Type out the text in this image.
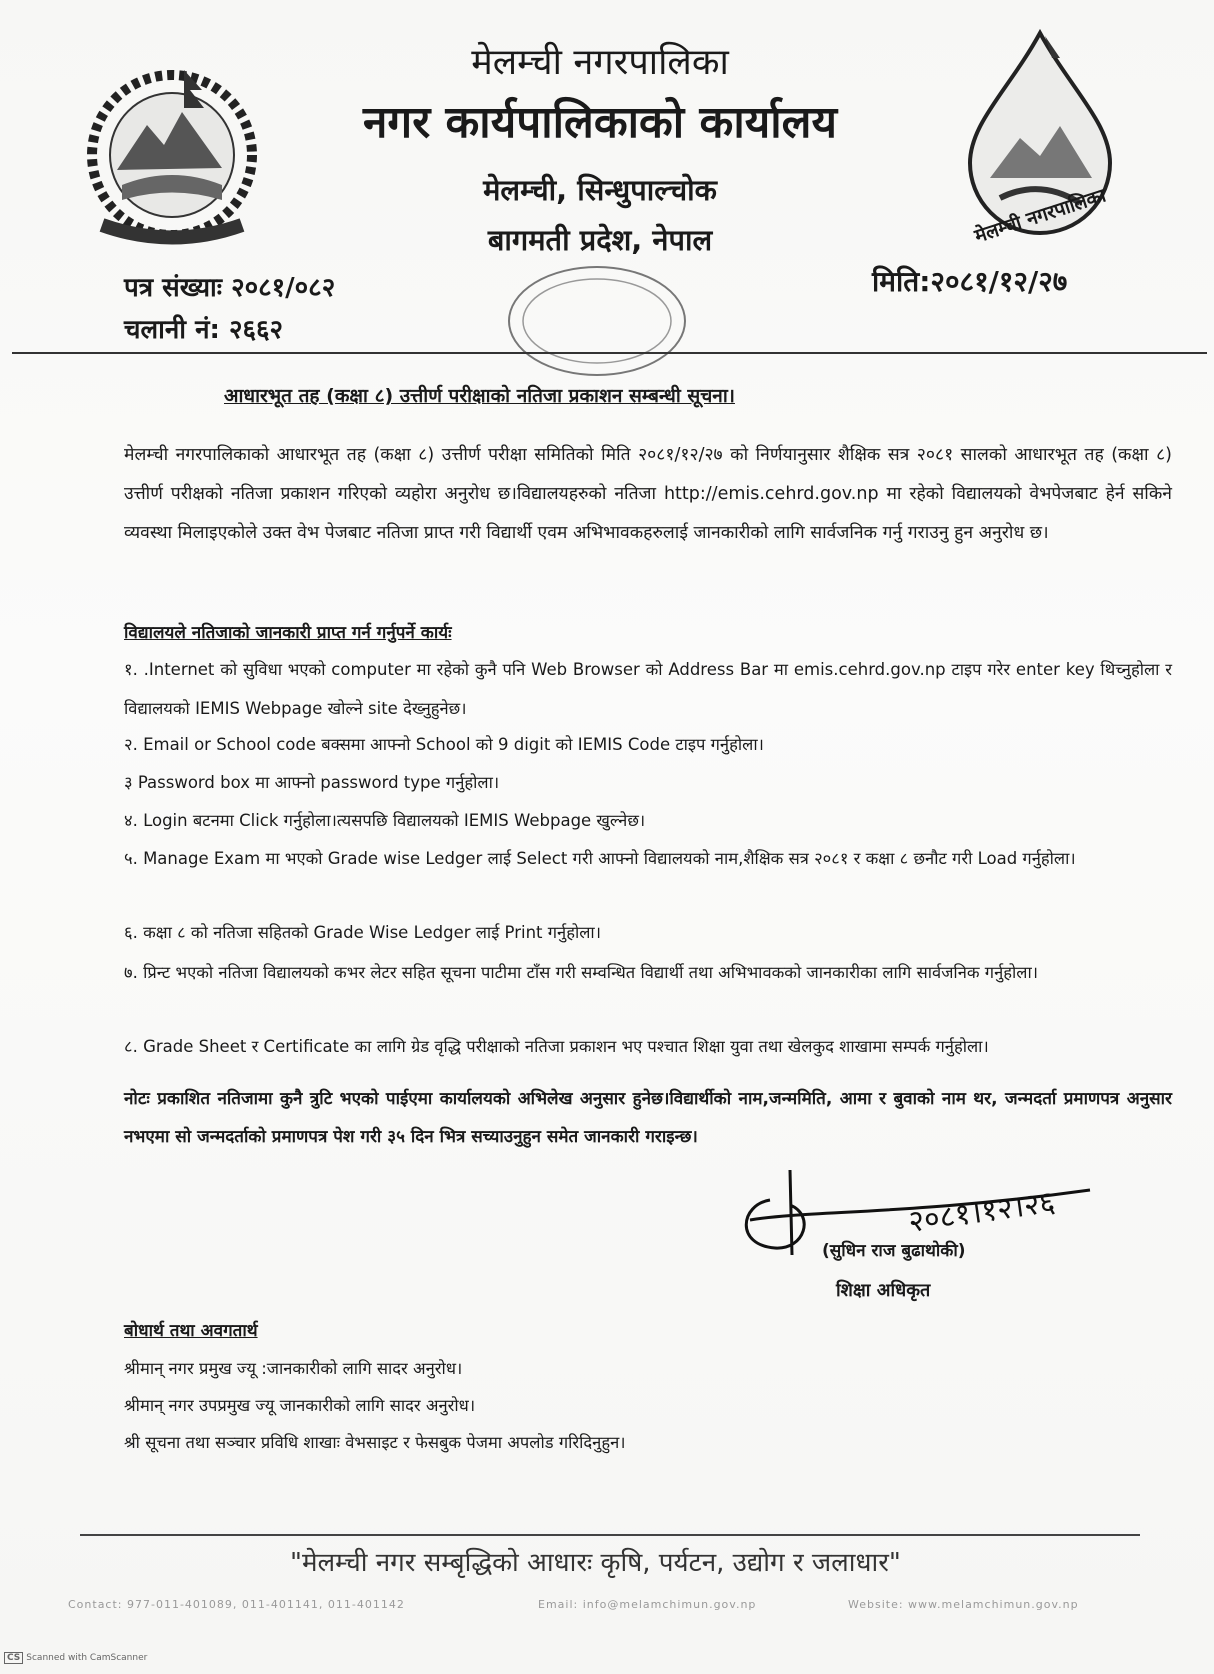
मेलम्ची नगरपालिका
मेलम्ची नगरपालिका
नगर कार्यपालिकाको कार्यालय
मेलम्ची, सिन्धुपाल्चोक
बागमती प्रदेश, नेपाल
पत्र संख्याः २०८१/०८२
चलानी नं: २६६२
मिति:२०८१/१२/२७
आधारभूत तह (कक्षा ८) उत्तीर्ण परीक्षाको नतिजा प्रकाशन सम्बन्धी सूचना।
मेलम्ची नगरपालिकाको आधारभूत तह (कक्षा ८) उत्तीर्ण परीक्षा समितिको मिति २०८१/१२/२७ को निर्णयानुसार शैक्षिक सत्र २०८१ सालको आधारभूत तह (कक्षा ८) उत्तीर्ण परीक्षको नतिजा प्रकाशन गरिएको व्यहोरा अनुरोध छ।विद्यालयहरुको नतिजा http://emis.cehrd.gov.np मा रहेको विद्यालयको वेभपेजबाट हेर्न सकिने व्यवस्था मिलाइएकोले उक्त वेभ पेजबाट नतिजा प्राप्त गरी विद्यार्थी एवम अभिभावकहरुलाई जानकारीको लागि सार्वजनिक गर्नु गराउनु हुन अनुरोध छ।
विद्यालयले नतिजाको जानकारी प्राप्त गर्न गर्नुपर्ने कार्यः
१. .Internet को सुविधा भएको computer मा रहेको कुनै पनि Web Browser को Address Bar मा emis.cehrd.gov.np टाइप गरेर enter key थिच्नुहोला र विद्यालयको IEMIS Webpage खोल्ने site देख्नुहुनेछ।
२. Email or School code बक्समा आफ्नो School को 9 digit को IEMIS Code टाइप गर्नुहोला।
३ Password box मा आफ्नो password type गर्नुहोला।
४. Login बटनमा Click गर्नुहोला।त्यसपछि विद्यालयको IEMIS Webpage खुल्नेछ।
५. Manage Exam मा भएको Grade wise Ledger लाई Select गरी आफ्नो विद्यालयको नाम,शैक्षिक सत्र २०८१ र कक्षा ८ छनौट गरी Load गर्नुहोला।
६. कक्षा ८ को नतिजा सहितको Grade Wise Ledger लाई Print गर्नुहोला।
७. प्रिन्ट भएको नतिजा विद्यालयको कभर लेटर सहित सूचना पाटीमा टाँस गरी सम्वन्धित विद्यार्थी तथा अभिभावकको जानकारीका लागि सार्वजनिक गर्नुहोला।
८. Grade Sheet र Certificate का लागि ग्रेड वृद्धि परीक्षाको नतिजा प्रकाशन भए पश्चात शिक्षा युवा तथा खेलकुद शाखामा सम्पर्क गर्नुहोला।
नोटः प्रकाशित नतिजामा कुनै त्रुटि भएको पाईएमा कार्यालयको अभिलेख अनुसार हुनेछ।विद्यार्थीको नाम,जन्ममिति, आमा र बुवाको नाम थर, जन्मदर्ता प्रमाणपत्र अनुसार नभएमा सो जन्मदर्ताको प्रमाणपत्र पेश गरी ३५ दिन भित्र सच्याउनुहुन समेत जानकारी गराइन्छ।
२०८१।१२।२६
(सुधिन राज बुढाथोकी)
शिक्षा अधिकृत
बोधार्थ तथा अवगतार्थ
श्रीमान् नगर प्रमुख ज्यू :जानकारीको लागि सादर अनुरोध।
श्रीमान् नगर उपप्रमुख ज्यू जानकारीको लागि सादर अनुरोध।
श्री सूचना तथा सञ्चार प्रविधि शाखाः वेभसाइट र फेसबुक पेजमा अपलोड गरिदिनुहुन।
"मेलम्ची नगर सम्बृद्धिको आधारः कृषि, पर्यटन, उद्योग र जलाधार"
Contact: 977-011-401089, 011-401141, 011-401142	Email: info@melamchimun.gov.np	Website: www.melamchimun.gov.np
CS Scanned with CamScanner
